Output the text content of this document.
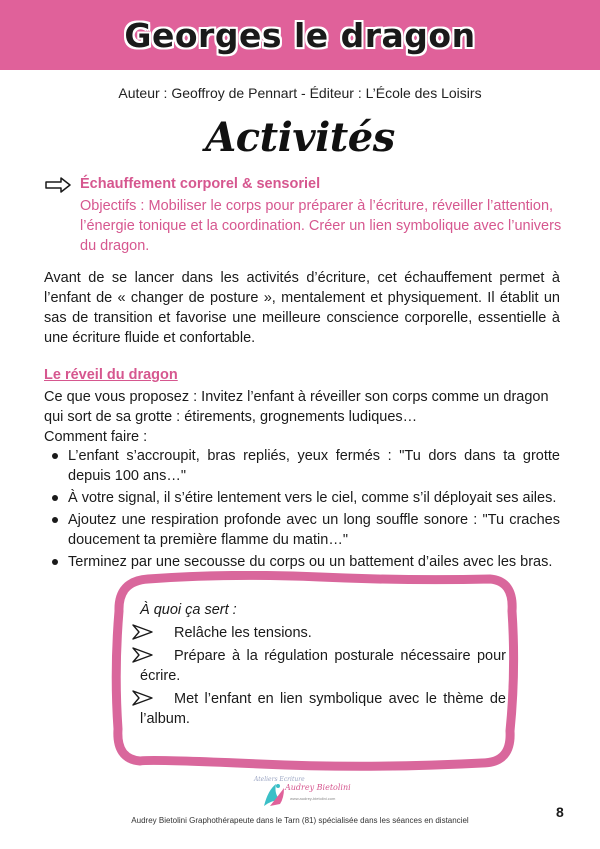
Georges le dragon
Auteur : Geoffroy de Pennart - Éditeur : L’École des Loisirs
Activités
Échauffement corporel & sensoriel

Objectifs : Mobiliser le corps pour préparer à l’écriture, réveiller l’attention, l’énergie tonique et la coordination. Créer un lien symbolique avec l’univers du dragon.

Avant de se lancer dans les activités d’écriture, cet échauffement permet à l’enfant de « changer de posture », mentalement et physiquement. Il établit un sas de transition et favorise une meilleure conscience corporelle, essentielle à une écriture fluide et confortable.

Le réveil du dragon

Ce que vous proposez : Invitez l’enfant à réveiller son corps comme un dragon qui sort de sa grotte : étirements, grognements ludiques…

Comment faire :
L’enfant s’accroupit, bras repliés, yeux fermés : "Tu dors dans ta grotte depuis 100 ans…"
À votre signal, il s’étire lentement vers le ciel, comme s’il déployait ses ailes.
Ajoutez une respiration profonde avec un long souffle sonore : "Tu craches doucement ta première flamme du matin…"
Terminez par une secousse du corps ou un battement d’ailes avec les bras.
À quoi ça sert :
Relâche les tensions.
Prépare à la régulation posturale nécessaire pour écrire.
Met l’enfant en lien symbolique avec le thème de l’album.
Ateliers Ecriture
Audrey Bietolini
www.audrey-bietolini.com
Audrey Bietolini Graphothérapeute dans le Tarn (81) spécialisée dans les séances en distanciel
8
